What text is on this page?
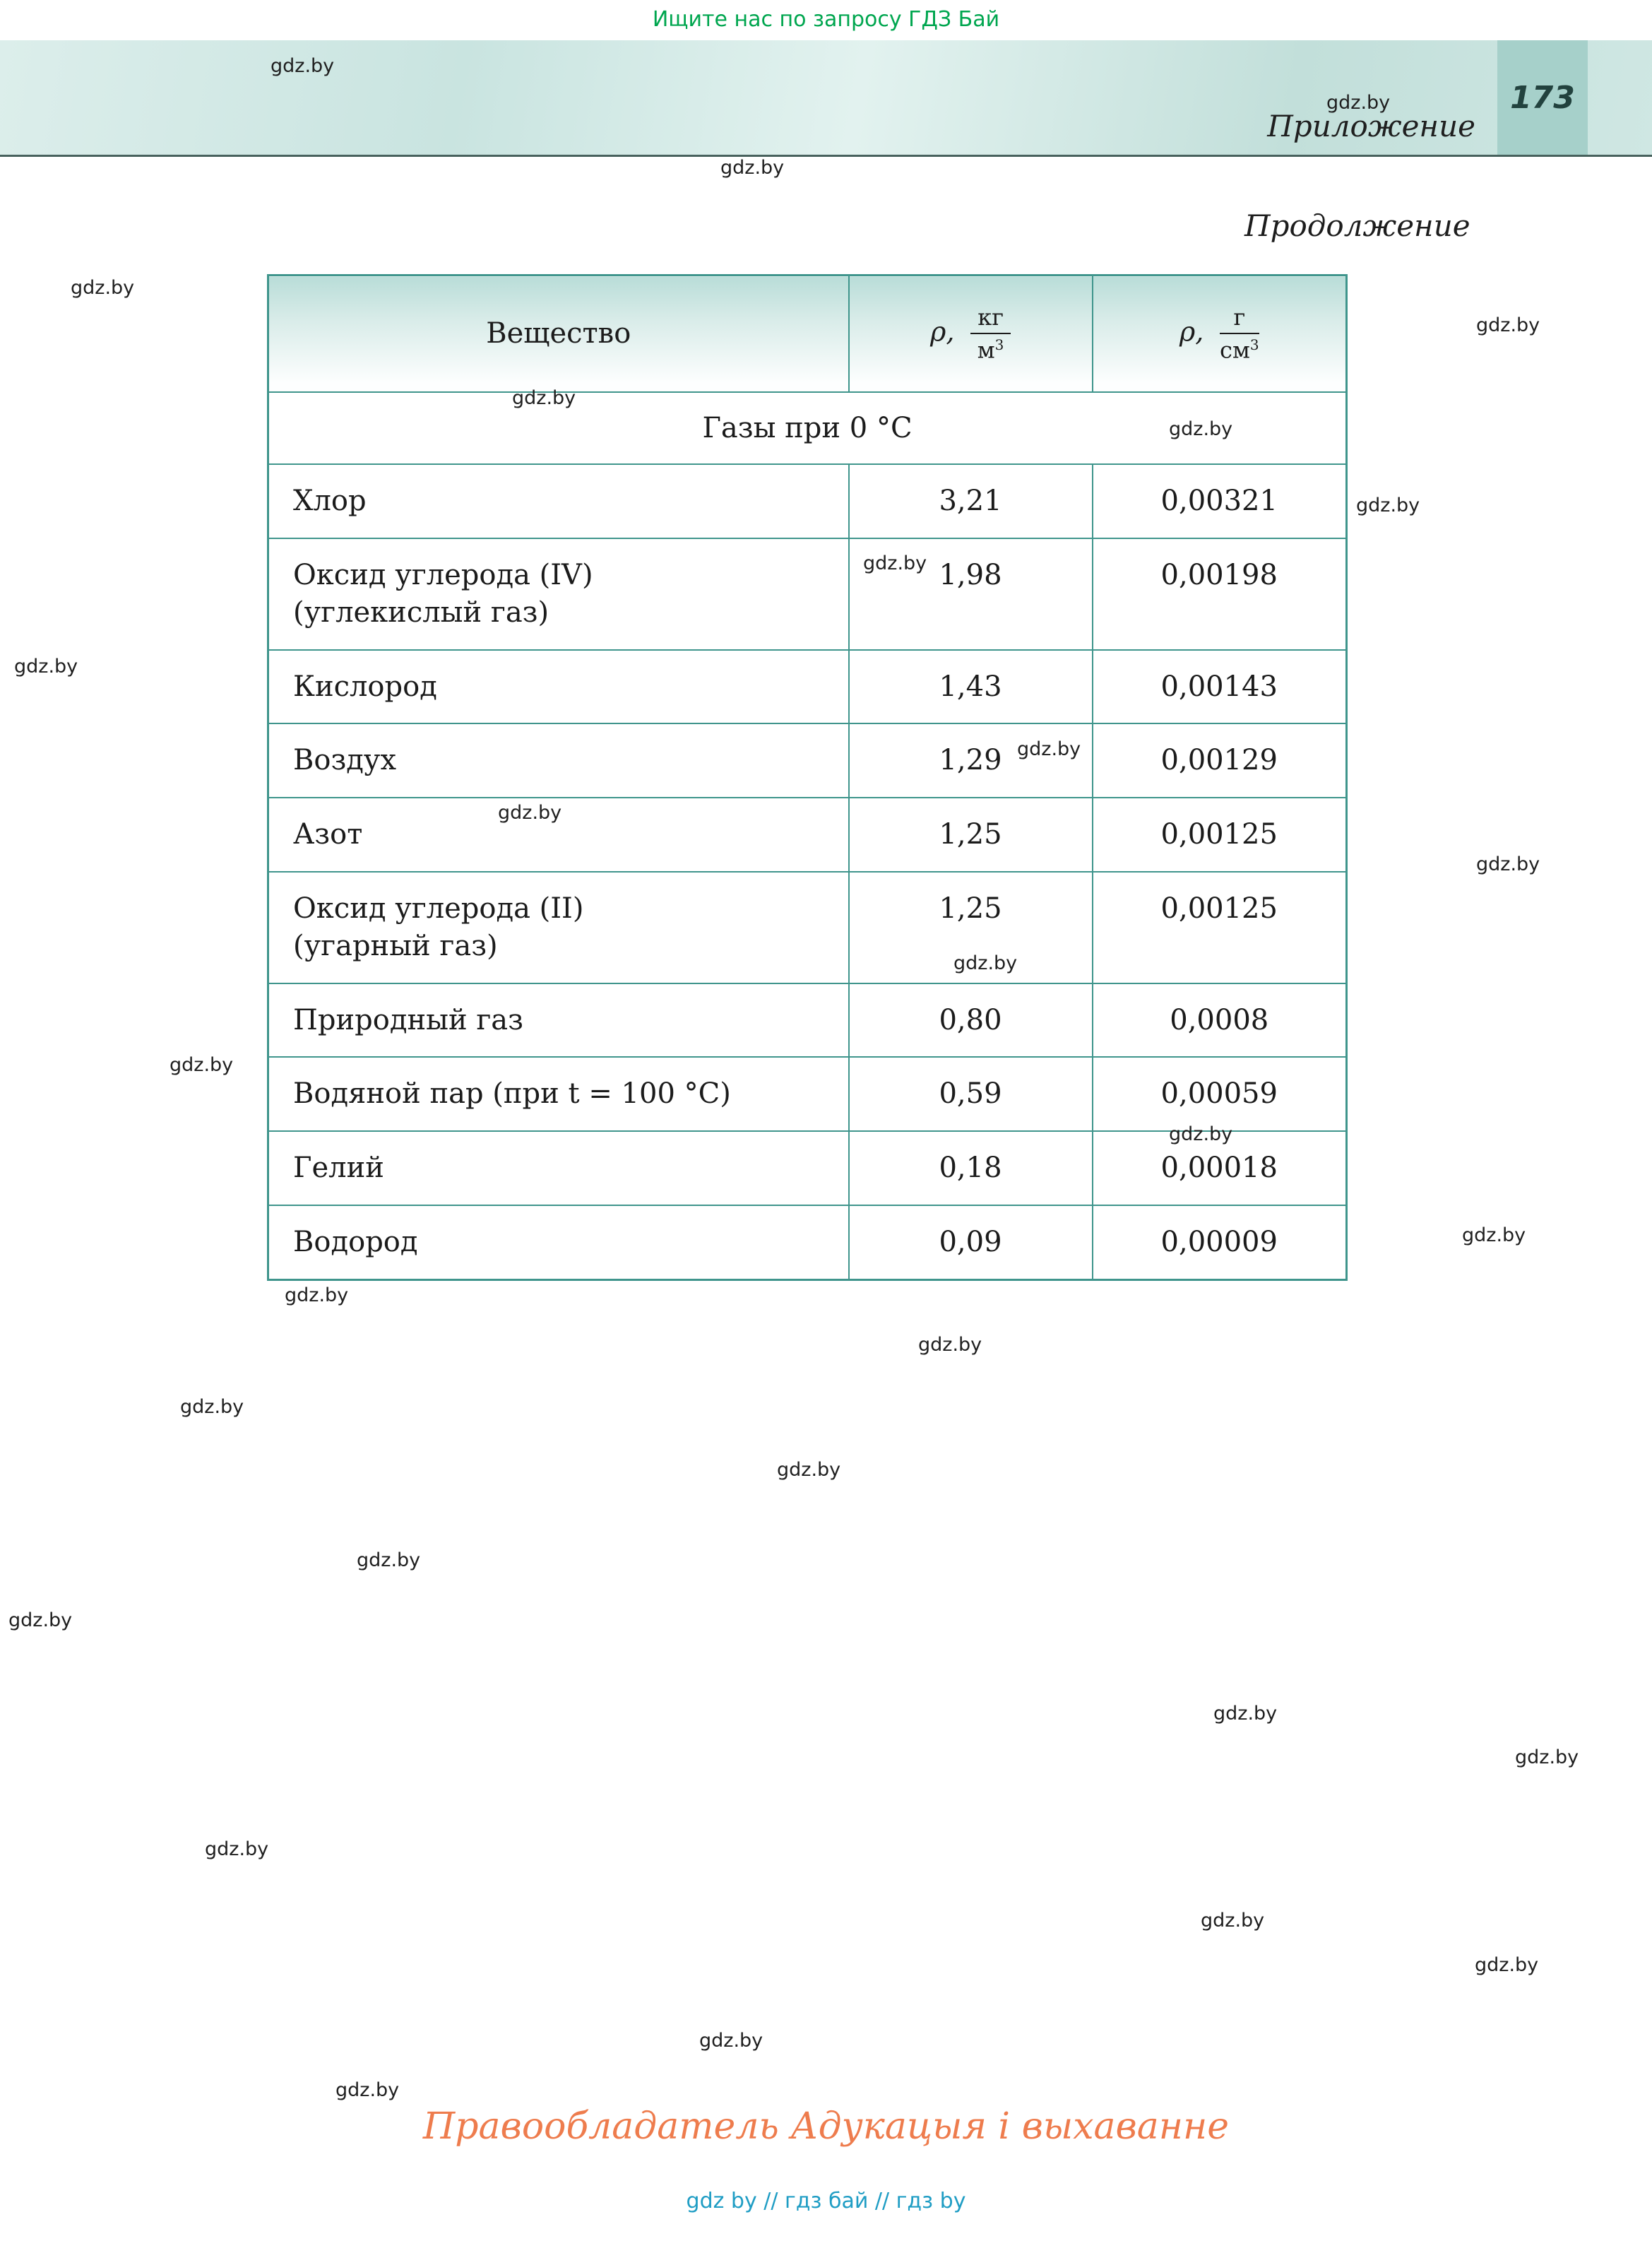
Ищите нас по запросу ГДЗ Бай
Приложение
173
Продолжение
Вещество	ρ, $\frac{кг}{м^3}$	ρ, $\frac{г}{см^3}$

Газы при 0 °С		
Хлор	3,21	0,00321
Оксид углерода (IV)
(углекислый газ)	1,98	0,00198
Кислород	1,43	0,00143
Воздух	1,29	0,00129
Азот	1,25	0,00125
Оксид углерода (II)
(угарный газ)	1,25	0,00125
Природный газ	0,80	0,0008
Водяной пар (при t = 100 °С)	0,59	0,00059
Гелий	0,18	0,00018
Водород	0,09	0,00009
Правообладатель Адукацыя і выхаванне
gdz by // гдз бай // гдз by
gdz.by
gdz.by
gdz.by
gdz.by
gdz.by
gdz.by
gdz.by
gdz.by
gdz.by
gdz.by
gdz.by
gdz.by
gdz.by
gdz.by
gdz.by
gdz.by
gdz.by
gdz.by
gdz.by
gdz.by
gdz.by
gdz.by
gdz.by
gdz.by
gdz.by
gdz.by
gdz.by
gdz.by
gdz.by
gdz.by
